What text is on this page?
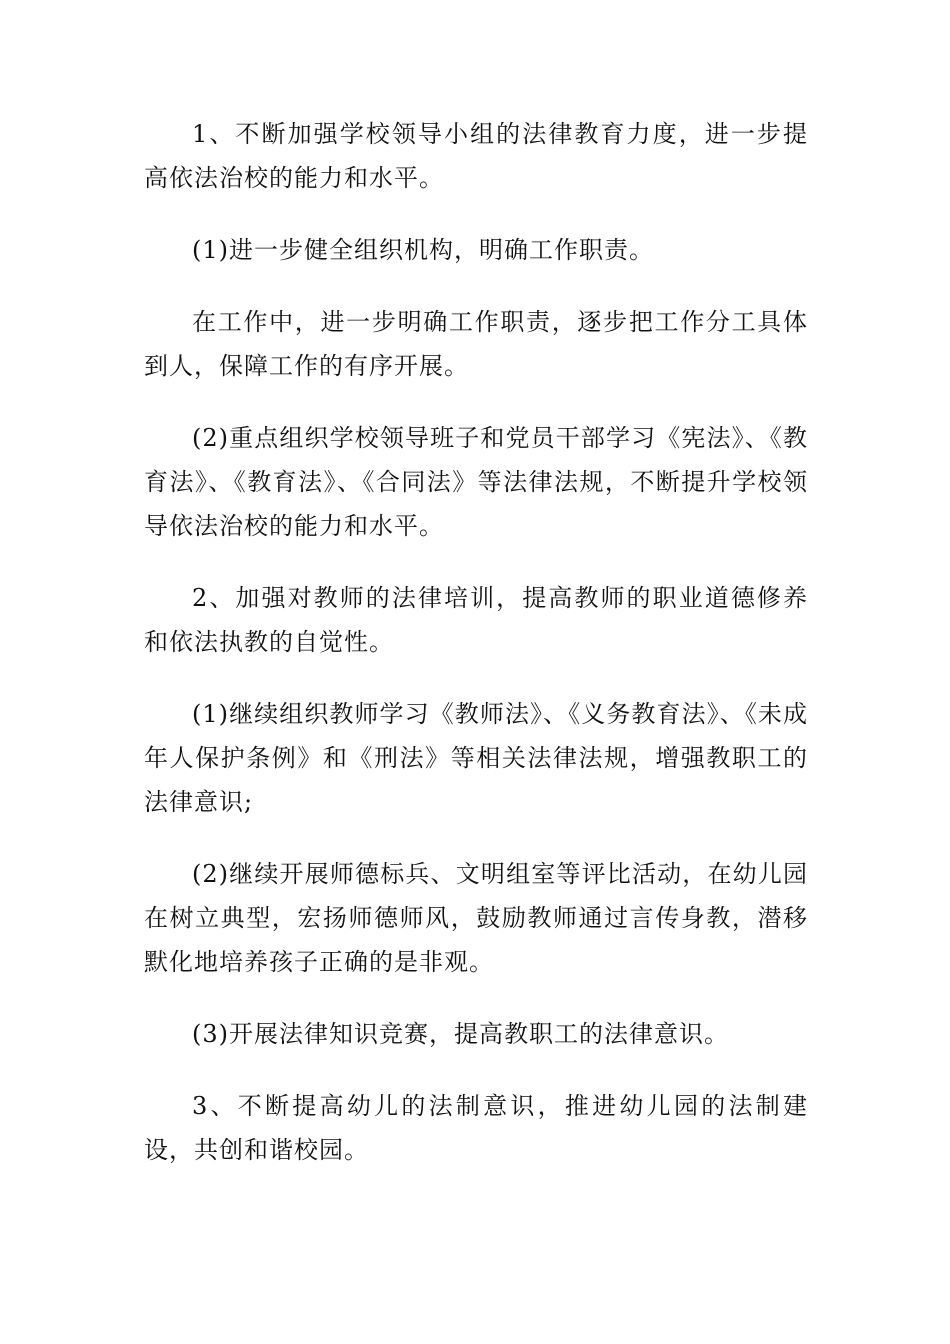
1、不断加强学校领导小组的法律教育力度，进一步提高依法治校的能力和水平。

(1)进一步健全组织机构，明确工作职责。

在工作中，进一步明确工作职责，逐步把工作分工具体到人，保障工作的有序开展。

(2)重点组织学校领导班子和党员干部学习《宪法》、《教育法》、《教育法》、《合同法》等法律法规，不断提升学校领导依法治校的能力和水平。

2、加强对教师的法律培训，提高教师的职业道德修养和依法执教的自觉性。

(1)继续组织教师学习《教师法》、《义务教育法》、《未成年人保护条例》和《刑法》等相关法律法规，增强教职工的法律意识;

(2)继续开展师德标兵、文明组室等评比活动，在幼儿园在树立典型，宏扬师德师风，鼓励教师通过言传身教，潜移默化地培养孩子正确的是非观。

(3)开展法律知识竞赛，提高教职工的法律意识。

3、不断提高幼儿的法制意识，推进幼儿园的法制建设，共创和谐校园。
